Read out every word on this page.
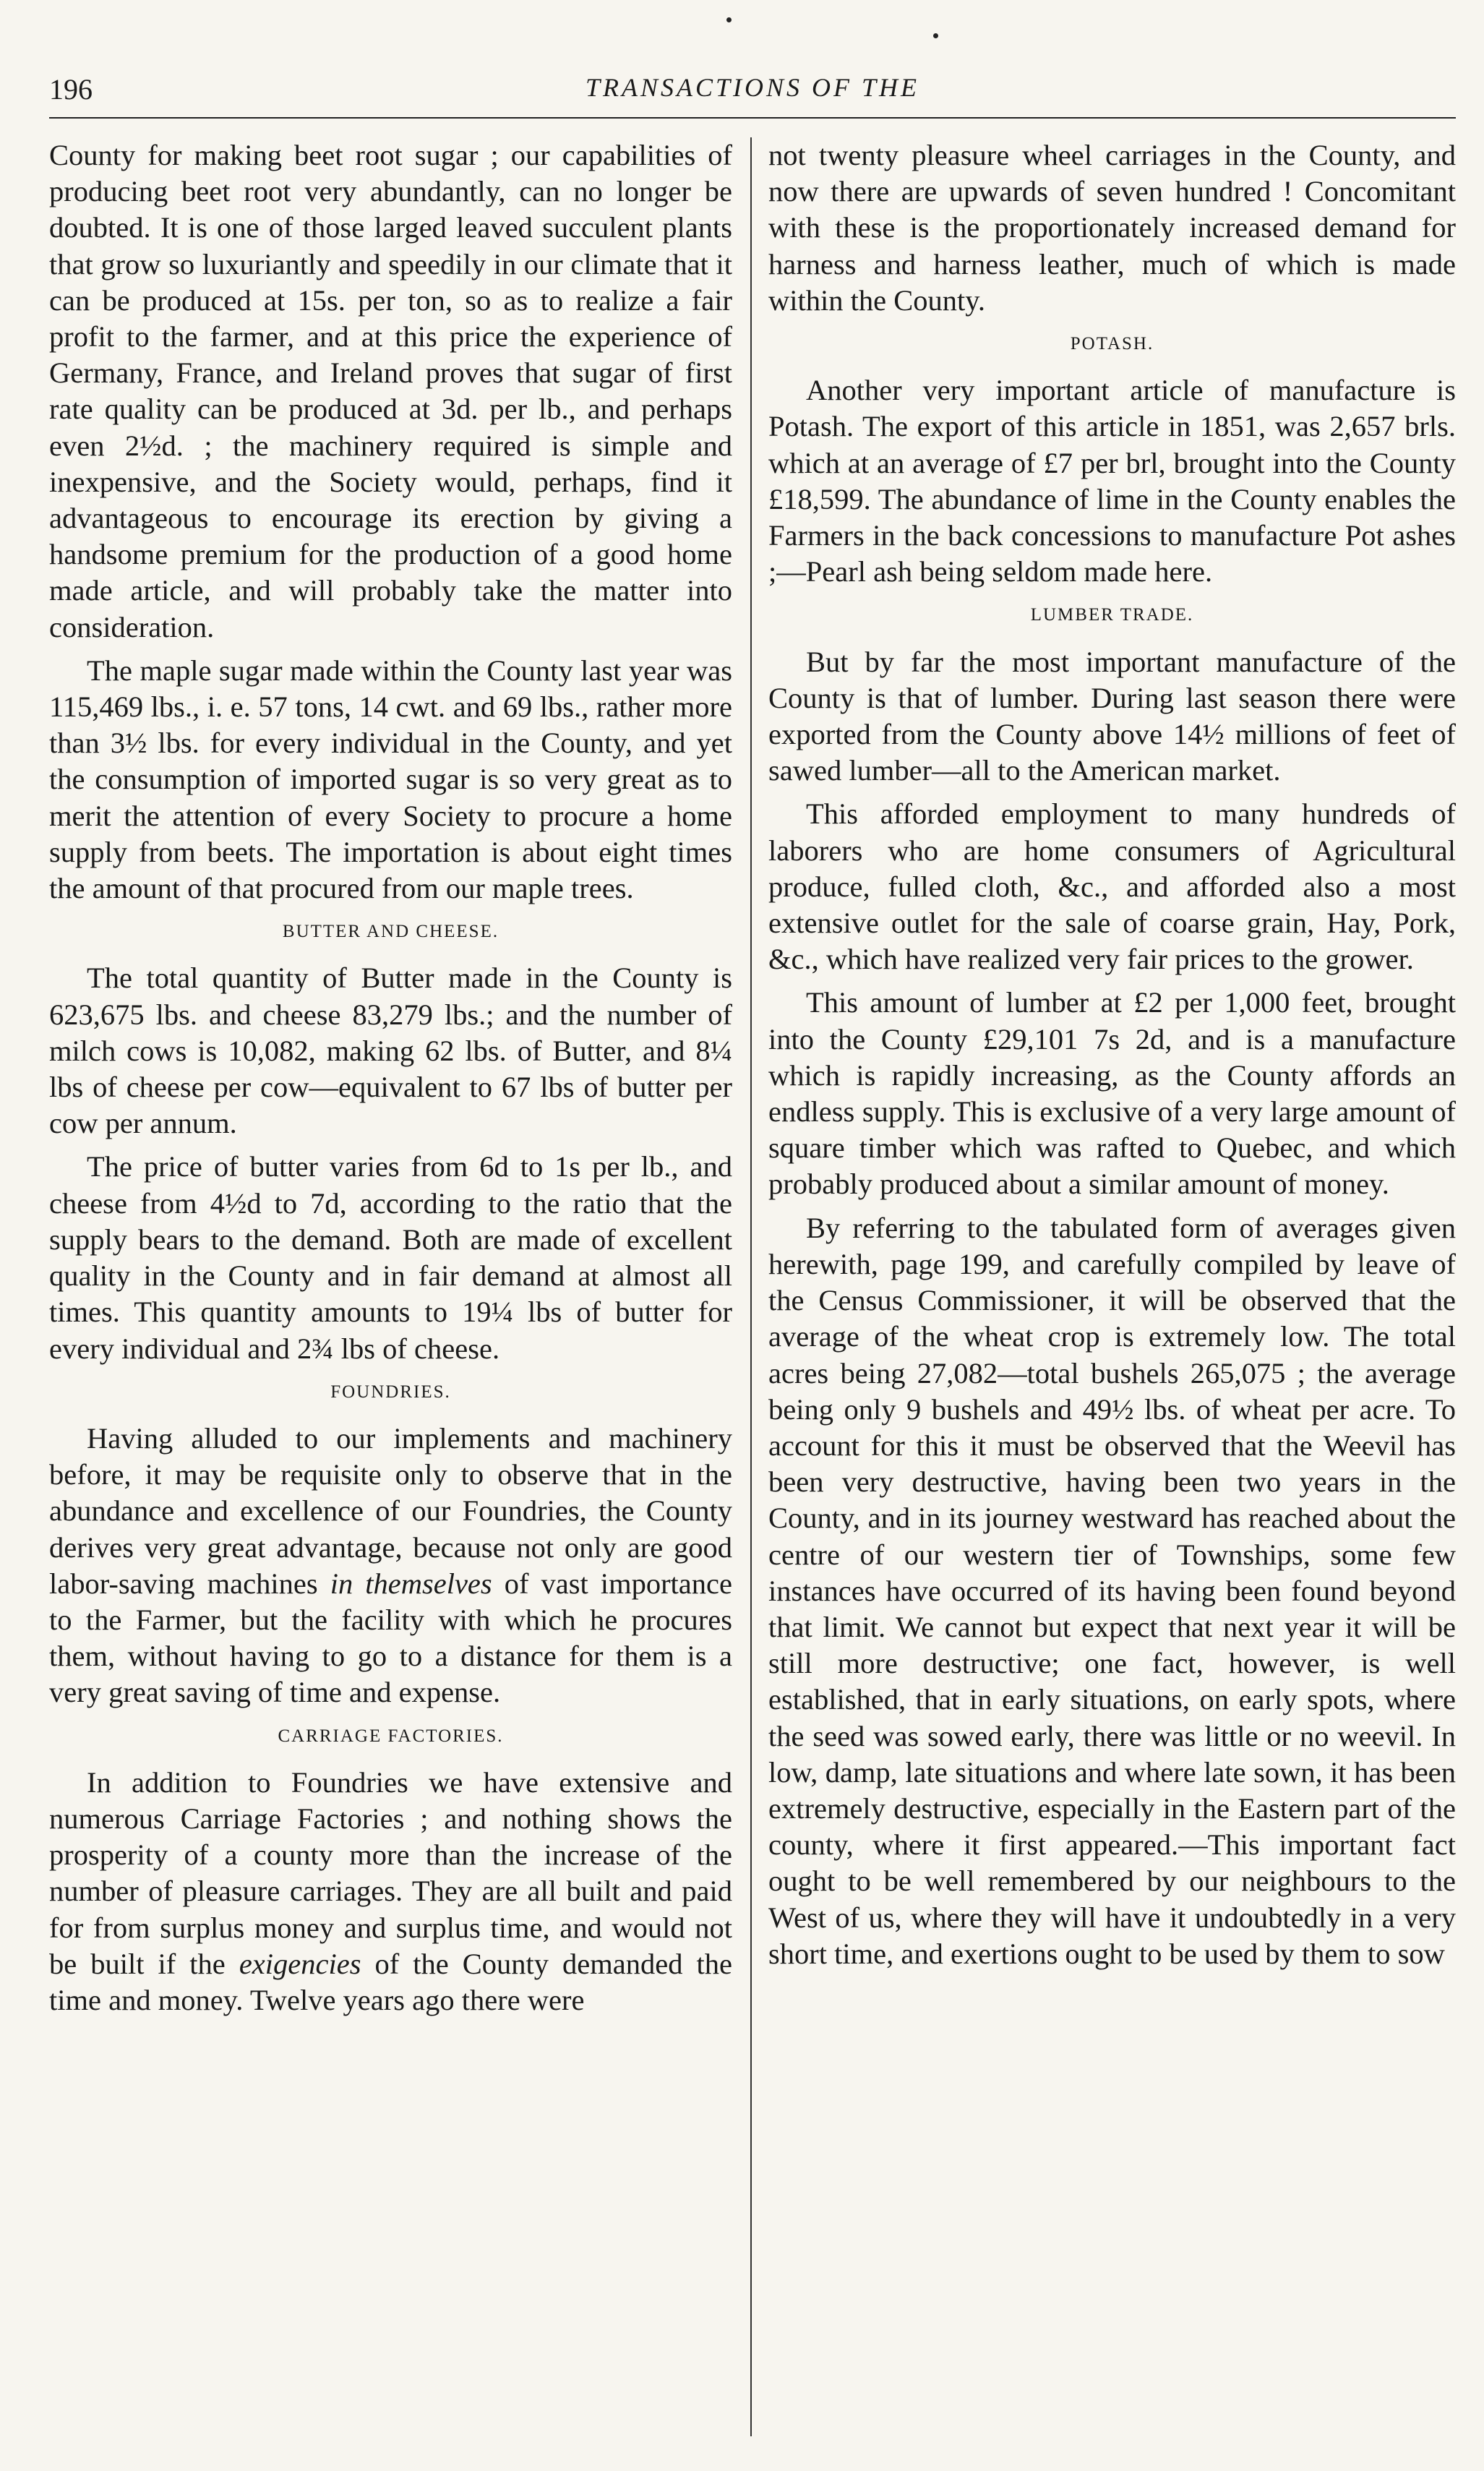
196	TRANSACTIONS OF THE

County for making beet root sugar ; our capabilities of producing beet root very abundantly, can no longer be doubted. It is one of those larged leaved succulent plants that grow so luxuriantly and speedily in our climate that it can be produced at 15s. per ton, so as to realize a fair profit to the farmer, and at this price the experience of Germany, France, and Ireland proves that sugar of first rate quality can be produced at 3d. per lb., and perhaps even 2½d. ; the machinery required is simple and inexpensive, and the Society would, perhaps, find it advantageous to encourage its erection by giving a handsome premium for the production of a good home made article, and will probably take the matter into consideration.

The maple sugar made within the County last year was 115,469 lbs., i. e. 57 tons, 14 cwt. and 69 lbs., rather more than 3½ lbs. for every individual in the County, and yet the consumption of imported sugar is so very great as to merit the attention of every Society to procure a home supply from beets. The importation is about eight times the amount of that procured from our maple trees.

BUTTER AND CHEESE.

The total quantity of Butter made in the County is 623,675 lbs. and cheese 83,279 lbs.; and the number of milch cows is 10,082, making 62 lbs. of Butter, and 8¼ lbs of cheese per cow—equivalent to 67 lbs of butter per cow per annum.

The price of butter varies from 6d to 1s per lb., and cheese from 4½d to 7d, according to the ratio that the supply bears to the demand. Both are made of excellent quality in the County and in fair demand at almost all times. This quantity amounts to 19¼ lbs of butter for every individual and 2¾ lbs of cheese.

FOUNDRIES.

Having alluded to our implements and machinery before, it may be requisite only to observe that in the abundance and excellence of our Foundries, the County derives very great advantage, because not only are good labor-saving machines in themselves of vast importance to the Farmer, but the facility with which he procures them, without having to go to a distance for them is a very great saving of time and expense.

CARRIAGE FACTORIES.

In addition to Foundries we have extensive and numerous Carriage Factories ; and nothing shows the prosperity of a county more than the increase of the number of pleasure carriages. They are all built and paid for from surplus money and surplus time, and would not be built if the exigencies of the County demanded the time and money. Twelve years ago there were

not twenty pleasure wheel carriages in the County, and now there are upwards of seven hundred ! Concomitant with these is the proportionately increased demand for harness and harness leather, much of which is made within the County.

POTASH.

Another very important article of manufacture is Potash. The export of this article in 1851, was 2,657 brls. which at an average of £7 per brl, brought into the County £18,599. The abundance of lime in the County enables the Farmers in the back concessions to manufacture Pot ashes ;—Pearl ash being seldom made here.

LUMBER TRADE.

But by far the most important manufacture of the County is that of lumber. During last season there were exported from the County above 14½ millions of feet of sawed lumber—all to the American market.

This afforded employment to many hundreds of laborers who are home consumers of Agricultural produce, fulled cloth, &c., and afforded also a most extensive outlet for the sale of coarse grain, Hay, Pork, &c., which have realized very fair prices to the grower.

This amount of lumber at £2 per 1,000 feet, brought into the County £29,101 7s 2d, and is a manufacture which is rapidly increasing, as the County affords an endless supply. This is exclusive of a very large amount of square timber which was rafted to Quebec, and which probably produced about a similar amount of money.

By referring to the tabulated form of averages given herewith, page 199, and carefully compiled by leave of the Census Commissioner, it will be observed that the average of the wheat crop is extremely low. The total acres being 27,082—total bushels 265,075 ; the average being only 9 bushels and 49½ lbs. of wheat per acre. To account for this it must be observed that the Weevil has been very destructive, having been two years in the County, and in its journey westward has reached about the centre of our western tier of Townships, some few instances have occurred of its having been found beyond that limit. We cannot but expect that next year it will be still more destructive; one fact, however, is well established, that in early situations, on early spots, where the seed was sowed early, there was little or no weevil. In low, damp, late situations and where late sown, it has been extremely destructive, especially in the Eastern part of the county, where it first appeared.—This important fact ought to be well remembered by our neighbours to the West of us, where they will have it undoubtedly in a very short time, and exertions ought to be used by them to sow
